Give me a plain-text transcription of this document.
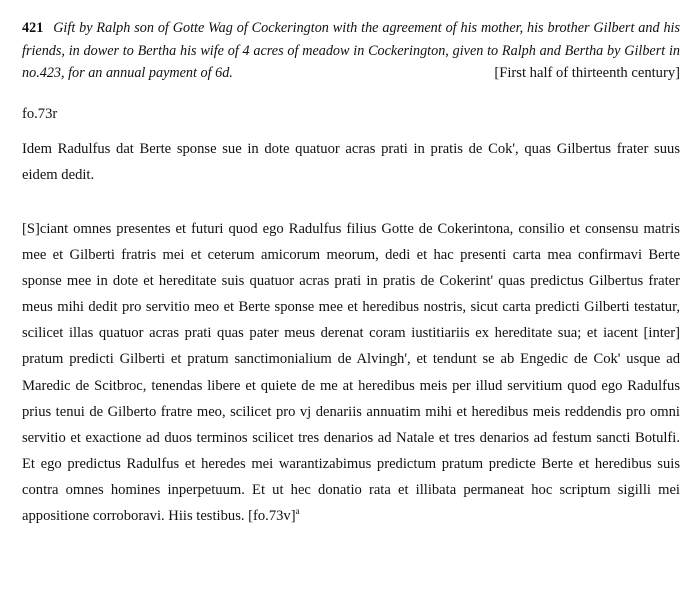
421 Gift by Ralph son of Gotte Wag of Cockerington with the agreement of his mother, his brother Gilbert and his friends, in dower to Bertha his wife of 4 acres of meadow in Cockerington, given to Ralph and Bertha by Gilbert in no.423, for an annual payment of 6d.	[First half of thirteenth century]
fo.73r
Idem Radulfus dat Berte sponse sue in dote quatuor acras prati in pratis de Cok', quas Gilbertus frater suus eidem dedit.
[S]ciant omnes presentes et futuri quod ego Radulfus filius Gotte de Cokerintona, consilio et consensu matris mee et Gilberti fratris mei et ceterum amicorum meorum, dedi et hac presenti carta mea confirmavi Berte sponse mee in dote et hereditate suis quatuor acras prati in pratis de Cokerint' quas predictus Gilbertus frater meus mihi dedit pro servitio meo et Berte sponse mee et heredibus nostris, sicut carta predicti Gilberti testatur, scilicet illas quatuor acras prati quas pater meus derenat coram iustitiariis ex hereditate sua; et iacent [inter] pratum predicti Gilberti et pratum sanctimonialium de Alvingh', et tendunt se ab Engedic de Cok' usque ad Maredic de Scitbroc, tenendas libere et quiete de me at heredibus meis per illud servitium quod ego Radulfus prius tenui de Gilberto fratre meo, scilicet pro vj denariis annuatim mihi et heredibus meis reddendis pro omni servitio et exactione ad duos terminos scilicet tres denarios ad Natale et tres denarios ad festum sancti Botulfi. Et ego predictus Radulfus et heredes mei warantizabimus predictum pratum predicte Berte et heredibus suis contra omnes homines inperpetuum. Et ut hec donatio rata et illibata permaneat hoc scriptum sigilli mei appositione corroboravi. Hiis testibus. [fo.73v]$^a$
